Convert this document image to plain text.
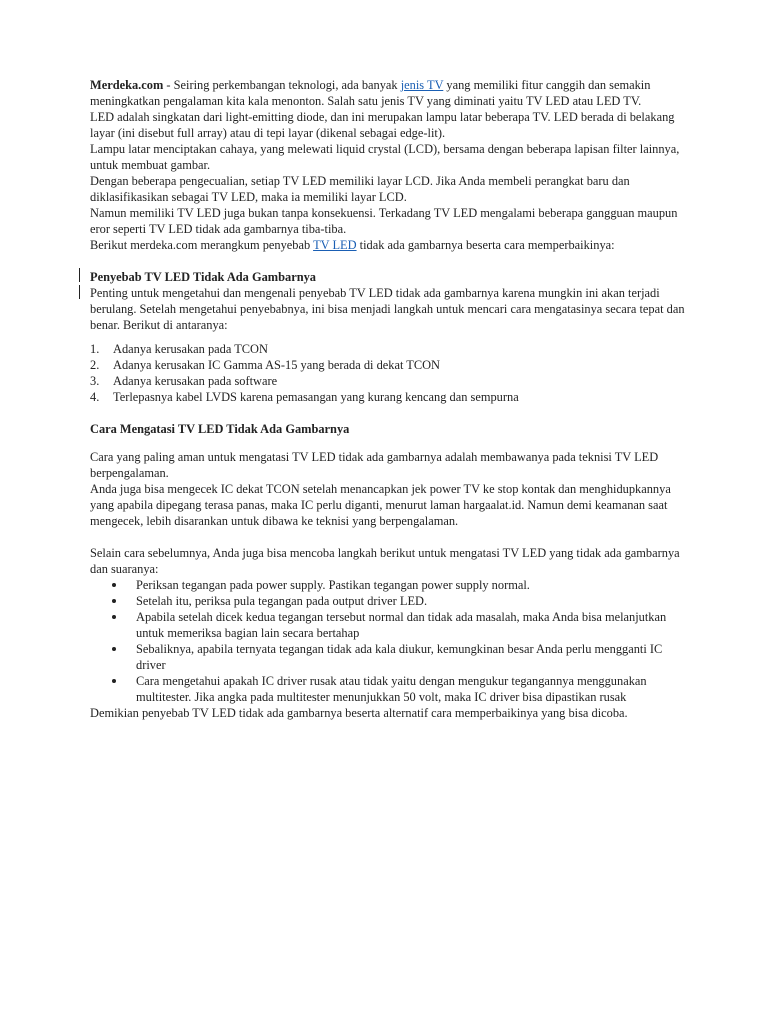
Merdeka.com - Seiring perkembangan teknologi, ada banyak jenis TV yang memiliki fitur canggih dan semakin meningkatkan pengalaman kita kala menonton. Salah satu jenis TV yang diminati yaitu TV LED atau LED TV.

LED adalah singkatan dari light-emitting diode, dan ini merupakan lampu latar beberapa TV. LED berada di belakang layar (ini disebut full array) atau di tepi layar (dikenal sebagai edge-lit).

Lampu latar menciptakan cahaya, yang melewati liquid crystal (LCD), bersama dengan beberapa lapisan filter lainnya, untuk membuat gambar.

Dengan beberapa pengecualian, setiap TV LED memiliki layar LCD. Jika Anda membeli perangkat baru dan diklasifikasikan sebagai TV LED, maka ia memiliki layar LCD.

Namun memiliki TV LED juga bukan tanpa konsekuensi. Terkadang TV LED mengalami beberapa gangguan maupun eror seperti TV LED tidak ada gambarnya tiba-tiba.

Berikut merdeka.com merangkum penyebab TV LED tidak ada gambarnya beserta cara memperbaikinya:

Penyebab TV LED Tidak Ada Gambarnya

Penting untuk mengetahui dan mengenali penyebab TV LED tidak ada gambarnya karena mungkin ini akan terjadi berulang. Setelah mengetahui penyebabnya, ini bisa menjadi langkah untuk mencari cara mengatasinya secara tepat dan benar. Berikut di antaranya:

1. Adanya kerusakan pada TCON
2. Adanya kerusakan IC Gamma AS-15 yang berada di dekat TCON
3. Adanya kerusakan pada software
4. Terlepasnya kabel LVDS karena pemasangan yang kurang kencang dan sempurna
Cara Mengatasi TV LED Tidak Ada Gambarnya

Cara yang paling aman untuk mengatasi TV LED tidak ada gambarnya adalah membawanya pada teknisi TV LED berpengalaman.

Anda juga bisa mengecek IC dekat TCON setelah menancapkan jek power TV ke stop kontak dan menghidupkannya yang apabila dipegang terasa panas, maka IC perlu diganti, menurut laman hargaalat.id. Namun demi keamanan saat mengecek, lebih disarankan untuk dibawa ke teknisi yang berpengalaman.

Selain cara sebelumnya, Anda juga bisa mencoba langkah berikut untuk mengatasi TV LED yang tidak ada gambarnya dan suaranya:

Periksan tegangan pada power supply. Pastikan tegangan power supply normal.
Setelah itu, periksa pula tegangan pada output driver LED.
Apabila setelah dicek kedua tegangan tersebut normal dan tidak ada masalah, maka Anda bisa melanjutkan untuk memeriksa bagian lain secara bertahap
Sebaliknya, apabila ternyata tegangan tidak ada kala diukur, kemungkinan besar Anda perlu mengganti IC driver
Cara mengetahui apakah IC driver rusak atau tidak yaitu dengan mengukur tegangannya menggunakan multitester. Jika angka pada multitester menunjukkan 50 volt, maka IC driver bisa dipastikan rusak

Demikian penyebab TV LED tidak ada gambarnya beserta alternatif cara memperbaikinya yang bisa dicoba.
